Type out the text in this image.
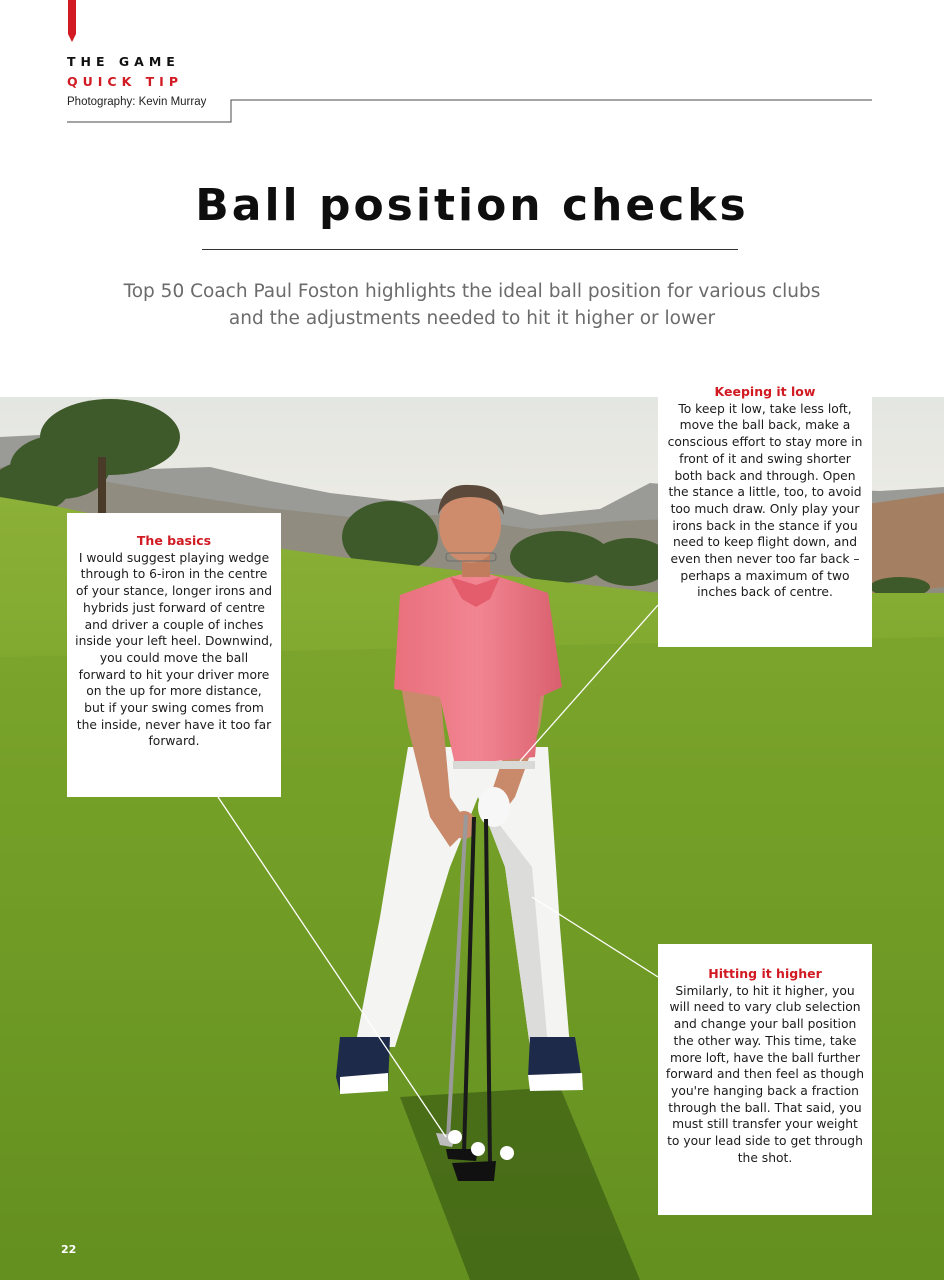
THE GAME
QUICK TIP
Photography: Kevin Murray
Ball position checks
Top 50 Coach Paul Foston highlights the ideal ball position for various clubs and the adjustments needed to hit it higher or lower
The basics
I would suggest playing wedge through to 6-iron in the centre of your stance, longer irons and hybrids just forward of centre and driver a couple of inches inside your left heel. Downwind, you could move the ball forward to hit your driver more on the up for more distance, but if your swing comes from the inside, never have it too far forward.
Keeping it low
To keep it low, take less loft, move the ball back, make a conscious effort to stay more in front of it and swing shorter both back and through. Open the stance a little, too, to avoid too much draw. Only play your irons back in the stance if you need to keep flight down, and even then never too far back – perhaps a maximum of two inches back of centre.
Hitting it higher
Similarly, to hit it higher, you will need to vary club selection and change your ball position the other way. This time, take more loft, have the ball further forward and then feel as though you're hanging back a fraction through the ball. That said, you must still transfer your weight to your lead side to get through the shot.
22
